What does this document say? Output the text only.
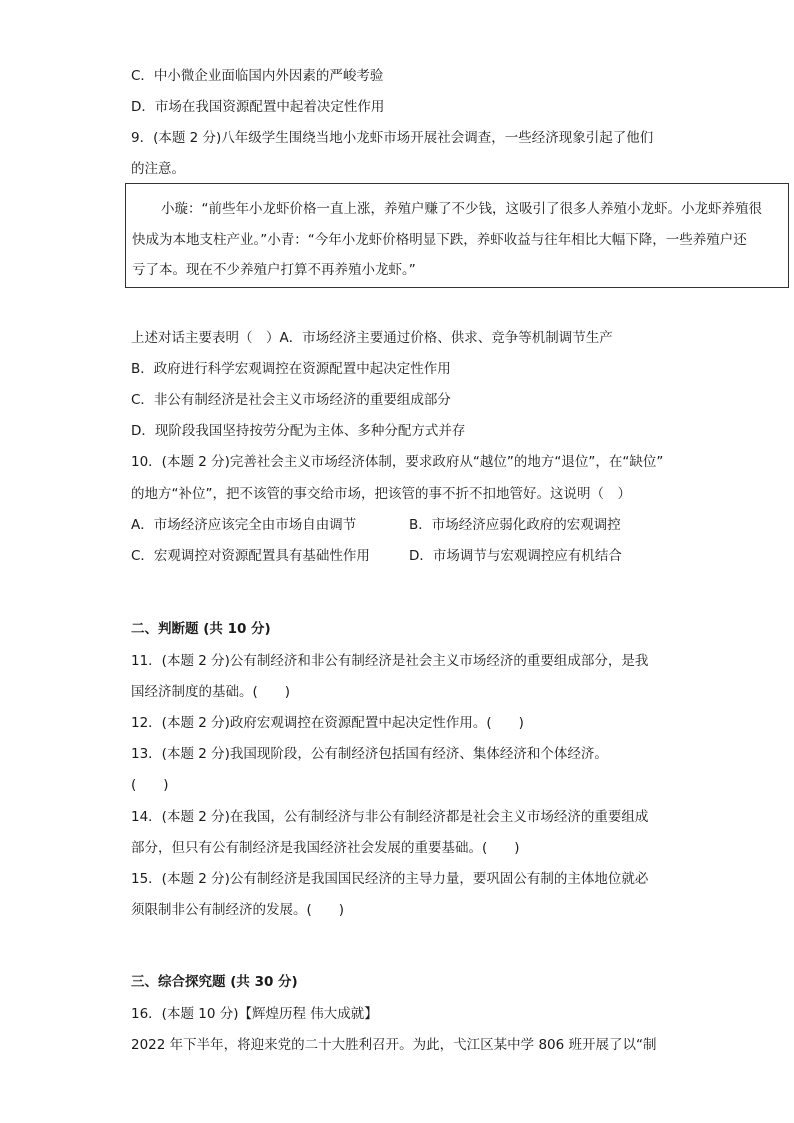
C．中小微企业面临国内外因素的严峻考验
D．市场在我国资源配置中起着决定性作用
9．(本题 2 分)八年级学生围绕当地小龙虾市场开展社会调查，一些经济现象引起了他们
的注意。
小璇：“前些年小龙虾价格一直上涨，养殖户赚了不少钱，这吸引了很多人养殖小龙虾。小龙虾养殖很
快成为本地支柱产业。”小青：“今年小龙虾价格明显下跌，养虾收益与往年相比大幅下降，一些养殖户还
亏了本。现在不少养殖户打算不再养殖小龙虾。”
上述对话主要表明（　）A．市场经济主要通过价格、供求、竞争等机制调节生产
B．政府进行科学宏观调控在资源配置中起决定性作用
C．非公有制经济是社会主义市场经济的重要组成部分
D．现阶段我国坚持按劳分配为主体、多种分配方式并存
10．(本题 2 分)完善社会主义市场经济体制，要求政府从“越位”的地方“退位”，在“缺位”
的地方“补位”，把不该管的事交给市场，把该管的事不折不扣地管好。这说明（　）
A．市场经济应该完全由市场自由调节	B．市场经济应弱化政府的宏观调控
C．宏观调控对资源配置具有基础性作用	D．市场调节与宏观调控应有机结合
二、判断题 (共 10 分)
11．(本题 2 分)公有制经济和非公有制经济是社会主义市场经济的重要组成部分，是我
国经济制度的基础。(　　)
12．(本题 2 分)政府宏观调控在资源配置中起决定性作用。(　　)
13．(本题 2 分)我国现阶段，公有制经济包括国有经济、集体经济和个体经济。
(　　)
14．(本题 2 分)在我国，公有制经济与非公有制经济都是社会主义市场经济的重要组成
部分，但只有公有制经济是我国经济社会发展的重要基础。(　　)
15．(本题 2 分)公有制经济是我国国民经济的主导力量，要巩固公有制的主体地位就必
须限制非公有制经济的发展。(　　)
三、综合探究题 (共 30 分)
16．(本题 10 分)【辉煌历程 伟大成就】
2022 年下半年，将迎来党的二十大胜利召开。为此，弋江区某中学 806 班开展了以“制
